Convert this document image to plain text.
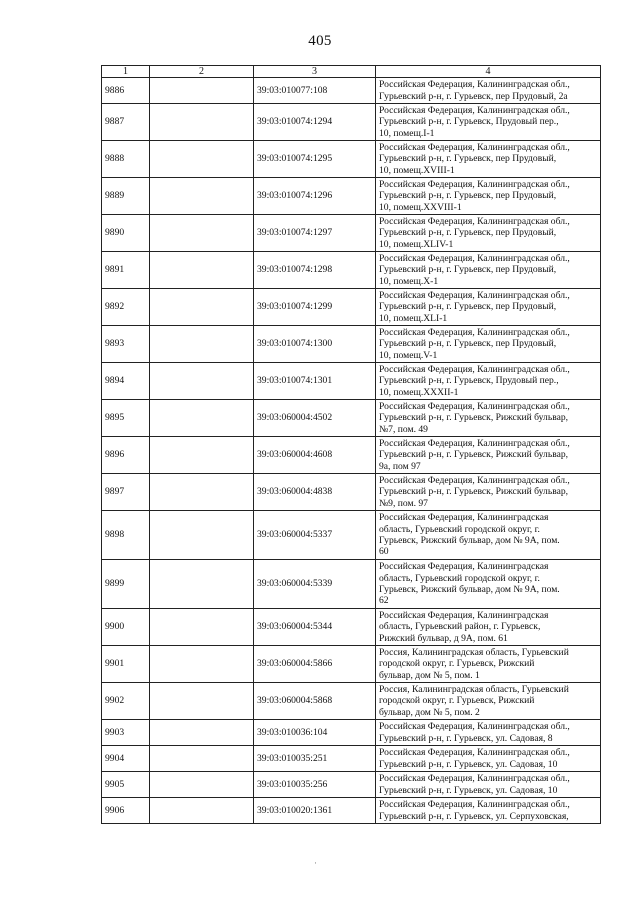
405
1	2	3	4
9886		39:03:010077:108	Российская Федерация, Калининградская обл.,
Гурьевский р-н, г. Гурьевск, пер Прудовый, 2а
9887		39:03:010074:1294	Российская Федерация, Калининградская обл.,
Гурьевский р-н, г. Гурьевск, Прудовый пер.,
10, помещ.I-1
9888		39:03:010074:1295	Российская Федерация, Калининградская обл.,
Гурьевский р-н, г. Гурьевск, пер Прудовый,
10, помещ.XVIII-1
9889		39:03:010074:1296	Российская Федерация, Калининградская обл.,
Гурьевский р-н, г. Гурьевск, пер Прудовый,
10, помещ.XXVIII-1
9890		39:03:010074:1297	Российская Федерация, Калининградская обл.,
Гурьевский р-н, г. Гурьевск, пер Прудовый,
10, помещ.XLIV-1
9891		39:03:010074:1298	Российская Федерация, Калининградская обл.,
Гурьевский р-н, г. Гурьевск, пер Прудовый,
10, помещ.X-1
9892		39:03:010074:1299	Российская Федерация, Калининградская обл.,
Гурьевский р-н, г. Гурьевск, пер Прудовый,
10, помещ.XLI-1
9893		39:03:010074:1300	Российская Федерация, Калининградская обл.,
Гурьевский р-н, г. Гурьевск, пер Прудовый,
10, помещ.V-1
9894		39:03:010074:1301	Российская Федерация, Калининградская обл.,
Гурьевский р-н, г. Гурьевск, Прудовый пер.,
10, помещ.XXXII-1
9895		39:03:060004:4502	Российская Федерация, Калининградская обл.,
Гурьевский р-н, г. Гурьевск, Рижский бульвар,
№7, пом. 49
9896		39:03:060004:4608	Российская Федерация, Калининградская обл.,
Гурьевский р-н, г. Гурьевск, Рижский бульвар,
9а, пом 97
9897		39:03:060004:4838	Российская Федерация, Калининградская обл.,
Гурьевский р-н, г. Гурьевск, Рижский бульвар,
№9, пом. 97
9898		39:03:060004:5337	Российская Федерация, Калининградская
область, Гурьевский городской округ, г.
Гурьевск, Рижский бульвар, дом № 9А, пом.
60
9899		39:03:060004:5339	Российская Федерация, Калининградская
область, Гурьевский городской округ, г.
Гурьевск, Рижский бульвар, дом № 9А, пом.
62
9900		39:03:060004:5344	Российская Федерация, Калининградская
область, Гурьевский район, г. Гурьевск,
Рижский бульвар, д 9А, пом. 61
9901		39:03:060004:5866	Россия, Калининградская область, Гурьевский
городской округ, г. Гурьевск, Рижский
бульвар, дом № 5, пом. 1
9902		39:03:060004:5868	Россия, Калининградская область, Гурьевский
городской округ, г. Гурьевск, Рижский
бульвар, дом № 5, пом. 2
9903		39:03:010036:104	Российская Федерация, Калининградская обл.,
Гурьевский р-н, г. Гурьевск, ул. Садовая, 8
9904		39:03:010035:251	Российская Федерация, Калининградская обл.,
Гурьевский р-н, г. Гурьевск, ул. Садовая, 10
9905		39:03:010035:256	Российская Федерация, Калининградская обл.,
Гурьевский р-н, г. Гурьевск, ул. Садовая, 10
9906		39:03:010020:1361	Российская Федерация, Калининградская обл.,
Гурьевский р-н, г. Гурьевск, ул. Серпуховская,
·
